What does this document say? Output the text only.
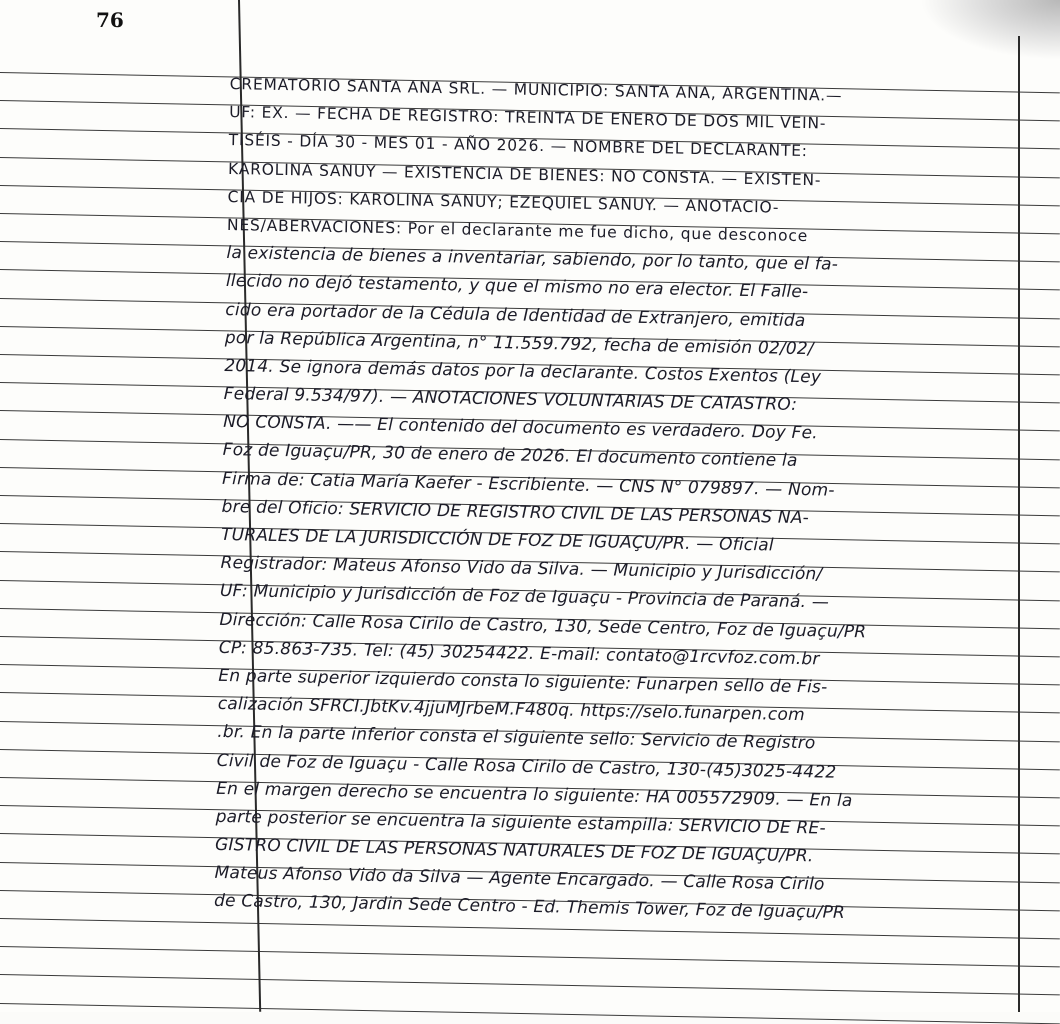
76
CREMATORIO SANTA ANA SRL. — MUNICIPIO: SANTA ANA, ARGENTINA.—
UF: EX. — FECHA DE REGISTRO: TREINTA DE ENERO DE DOS MIL VEIN-
TISÉIS - DÍA 30 - MES 01 - AÑO 2026. — NOMBRE DEL DECLARANTE:
KAROLINA SANUY — EXISTENCIA DE BIENES: NO CONSTA. — EXISTEN-
CIA DE HIJOS: KAROLINA SANUY; EZEQUIEL SANUY. — ANOTACIO-
NES/ABERVACIONES: Por el declarante me fue dicho, que desconoce
la existencia de bienes a inventariar, sabiendo, por lo tanto, que el fa-
llecido no dejó testamento, y que el mismo no era elector. El Falle-
cido era portador de la Cédula de Identidad de Extranjero, emitida
por la República Argentina, n° 11.559.792, fecha de emisión 02/02/
2014. Se ignora demás datos por la declarante. Costos Exentos (Ley
Federal 9.534/97). — ANOTACIONES VOLUNTARIAS DE CATASTRO:
NO CONSTA. —— El contenido del documento es verdadero. Doy Fe.
Foz de Iguaçu/PR, 30 de enero de 2026. El documento contiene la
Firma de: Catia María Kaefer - Escribiente. — CNS N° 079897. — Nom-
bre del Oficio: SERVICIO DE REGISTRO CIVIL DE LAS PERSONAS NA-
TURALES DE LA JURISDICCIÓN DE FOZ DE IGUAÇU/PR. — Oficial
Registrador: Mateus Afonso Vido da Silva. — Municipio y Jurisdicción/
UF: Municipio y Jurisdicción de Foz de Iguaçu - Provincia de Paraná. —
Dirección: Calle Rosa Cirilo de Castro, 130, Sede Centro, Foz de Iguaçu/PR
CP: 85.863-735. Tel: (45) 30254422. E-mail: contato@1rcvfoz.com.br
En parte superior izquierdo consta lo siguiente: Funarpen sello de Fis-
calización SFRCI.JbtKv.4jjuMJrbeM.F480q. https://selo.funarpen.com
.br. En la parte inferior consta el siguiente sello: Servicio de Registro
Civil de Foz de Iguaçu - Calle Rosa Cirilo de Castro, 130-(45)3025-4422
En el margen derecho se encuentra lo siguiente: HA 005572909. — En la
parte posterior se encuentra la siguiente estampilla: SERVICIO DE RE-
GISTRO CIVIL DE LAS PERSONAS NATURALES DE FOZ DE IGUAÇU/PR.
Mateus Afonso Vido da Silva — Agente Encargado. — Calle Rosa Cirilo
de Castro, 130, Jardin Sede Centro - Ed. Themis Tower, Foz de Iguaçu/PR
